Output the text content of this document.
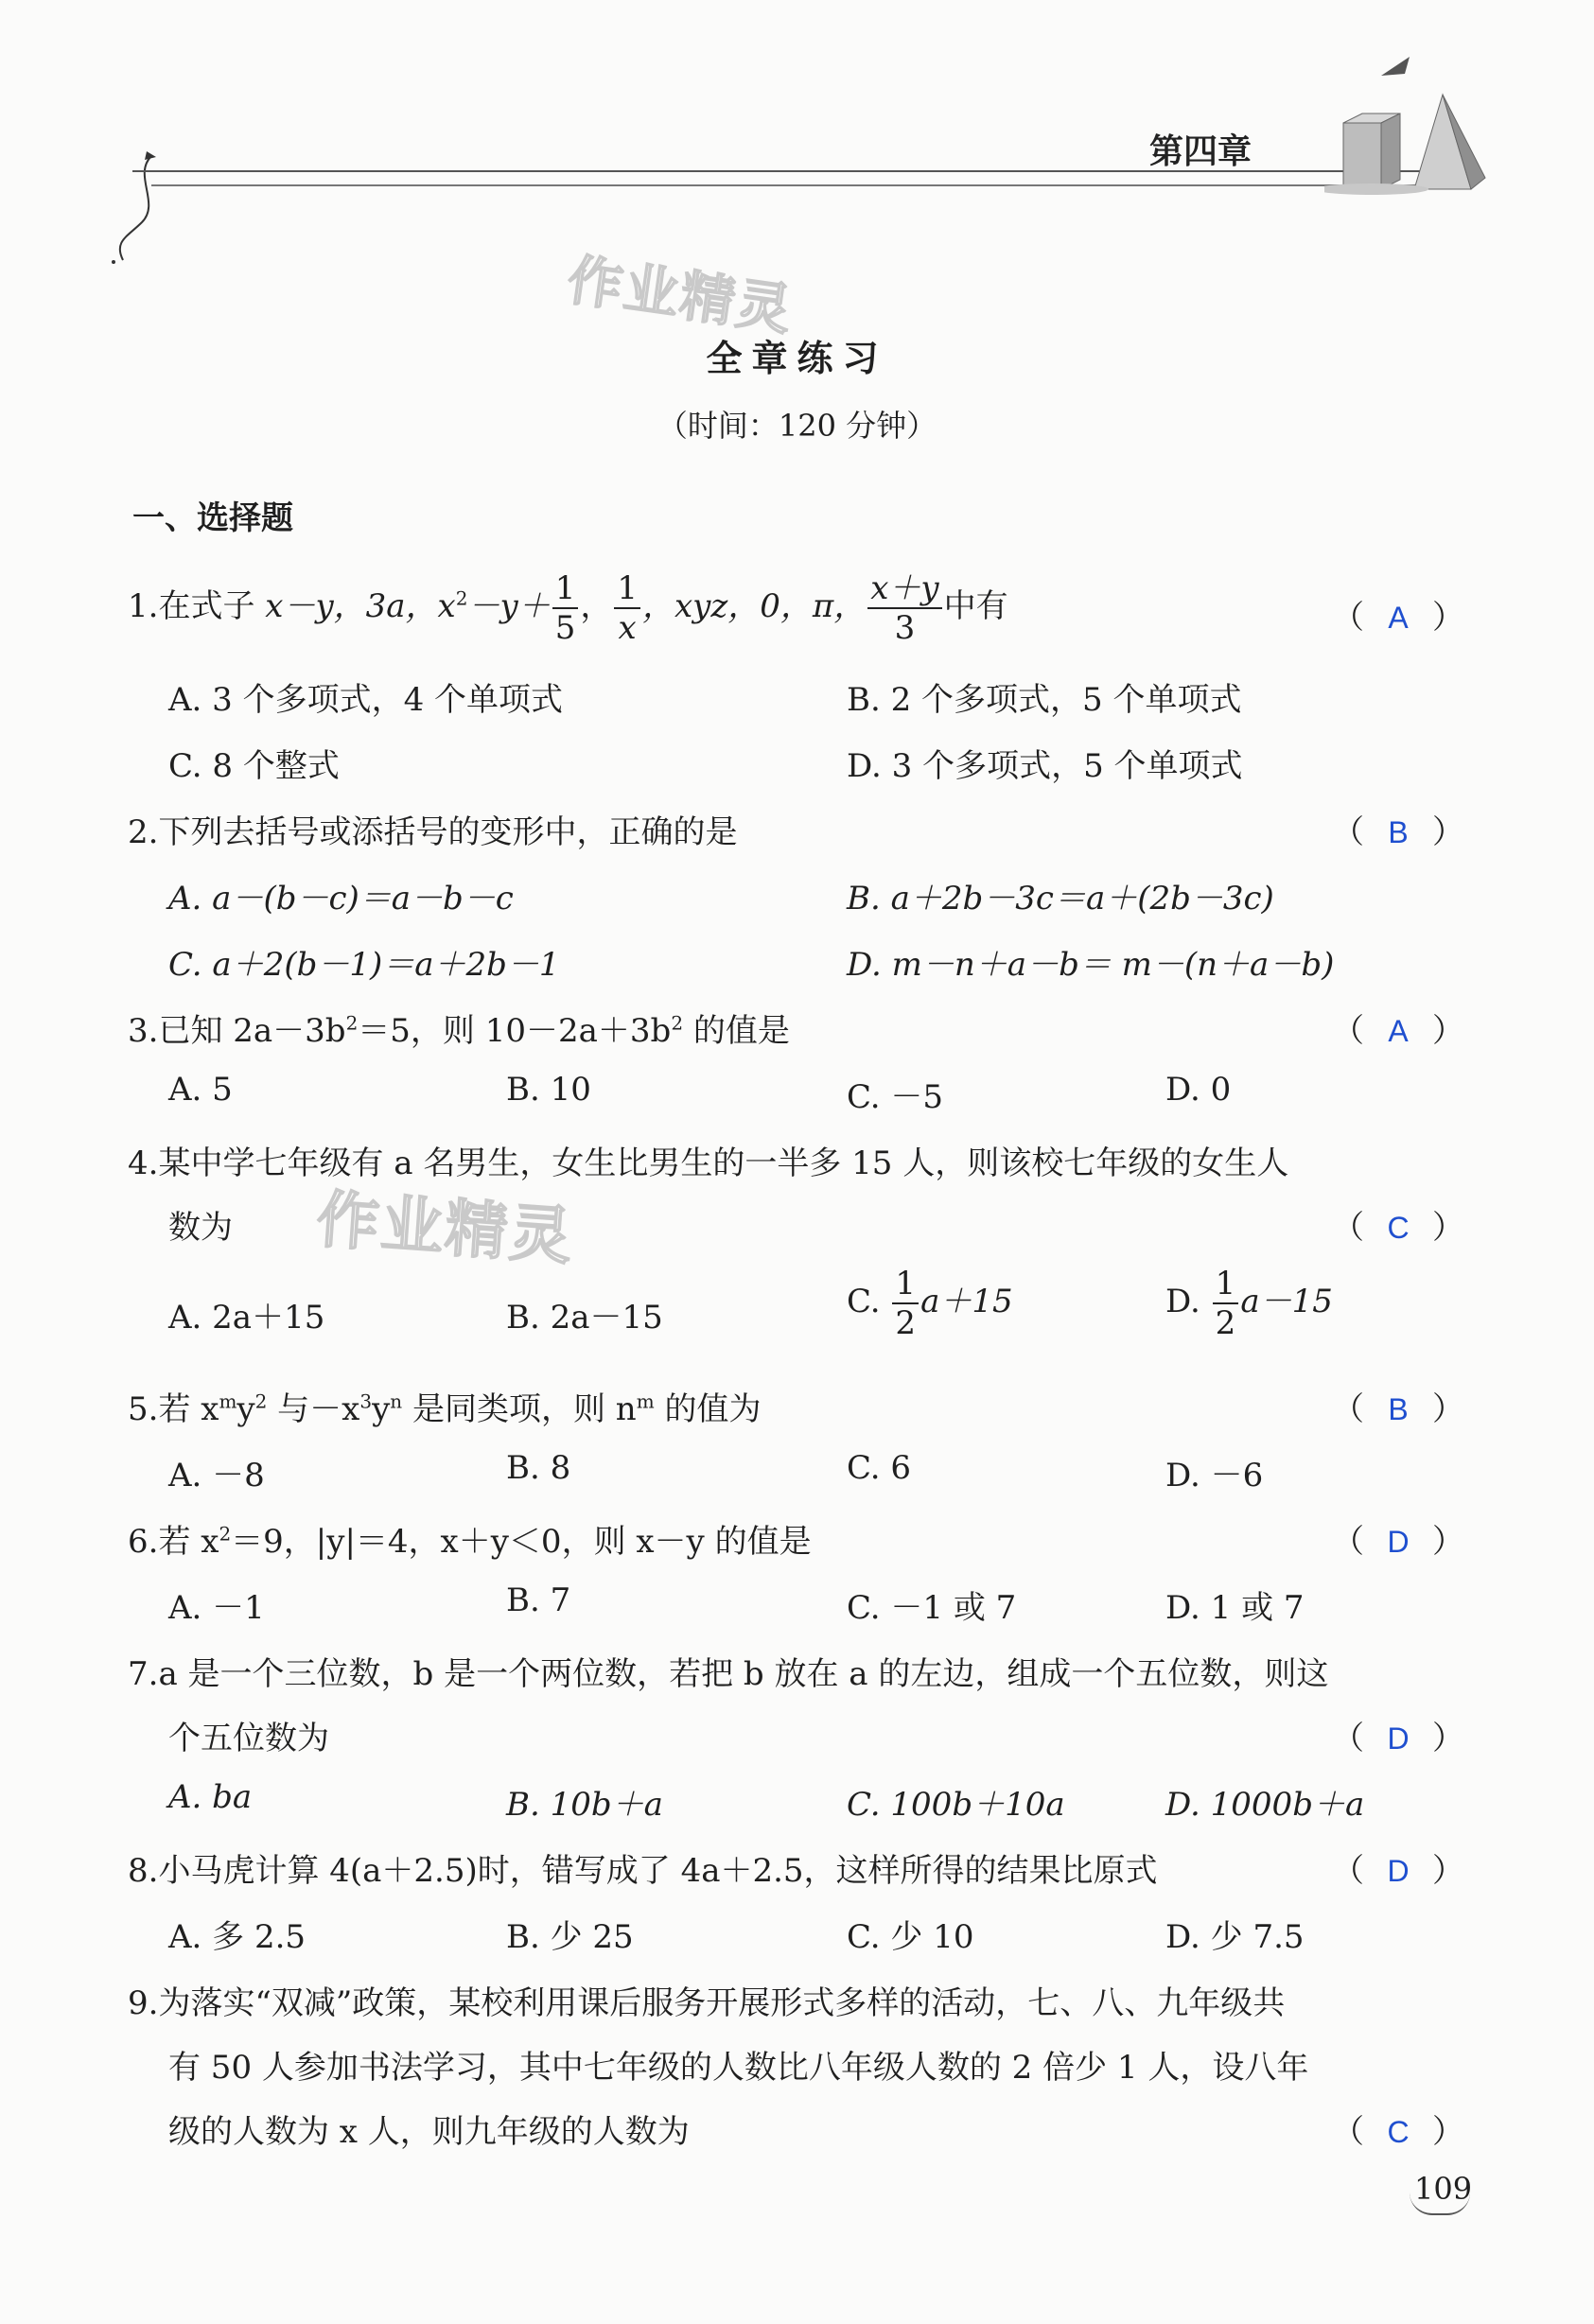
第四章
作业精灵
作业精灵
全章练习
（时间：120 分钟）
一、选择题
1.在式子 x－y，3a，$x^2-y+ \frac{1}{5}$ ， $\frac{1}{x}$ ，xyz，0，π， $\frac{x+y}{3}$ 中有	（ A ）
A. 3 个多项式，4 个单项式	B. 2 个多项式，5 个单项式
C. 8 个整式	D. 3 个多项式，5 个单项式
2.下列去括号或添括号的变形中，正确的是	（ B ）
A. a－(b－c)＝a－b－c	B. a＋2b－3c＝a＋(2b－3c)
C. a＋2(b－1)＝a＋2b－1	D. m－n＋a－b＝ m－(n＋a－b)
3.已知 $2a-3b^2=5$，则 $10-2a+3b^2$ 的值是	（ A ）
A. 5	B. 10	C. －5	D. 0
4.某中学七年级有 a 名男生，女生比男生的一半多 15 人，则该校七年级的女生人
数为	（ C ）
A. 2a＋15	B. 2a－15	C. $\frac{1}{2} a+15$	D. $\frac{1}{2} a-15$
5.若 $x^my^2$ 与$-x^3y^n$ 是同类项，则 $n^m$ 的值为	（ B ）
A. －8	B. 8	C. 6	D. －6
6.若 $x^2=9$，|y|＝4，x＋y＜0，则 x－y 的值是	（ D ）
A. －1	B. 7	C. －1 或 7	D. 1 或 7
7.a 是一个三位数，b 是一个两位数，若把 b 放在 a 的左边，组成一个五位数，则这
个五位数为	（ D ）
A. ba	B. 10b＋a	C. 100b＋10a	D. 1000b＋a
8.小马虎计算 4(a＋2.5)时，错写成了 4a＋2.5，这样所得的结果比原式	（ D ）
A. 多 2.5	B. 少 25	C. 少 10	D. 少 7.5
9.为落实“双减”政策，某校利用课后服务开展形式多样的活动，七、八、九年级共
有 50 人参加书法学习，其中七年级的人数比八年级人数的 2 倍少 1 人，设八年
级的人数为 x 人，则九年级的人数为	（ C ）
109
